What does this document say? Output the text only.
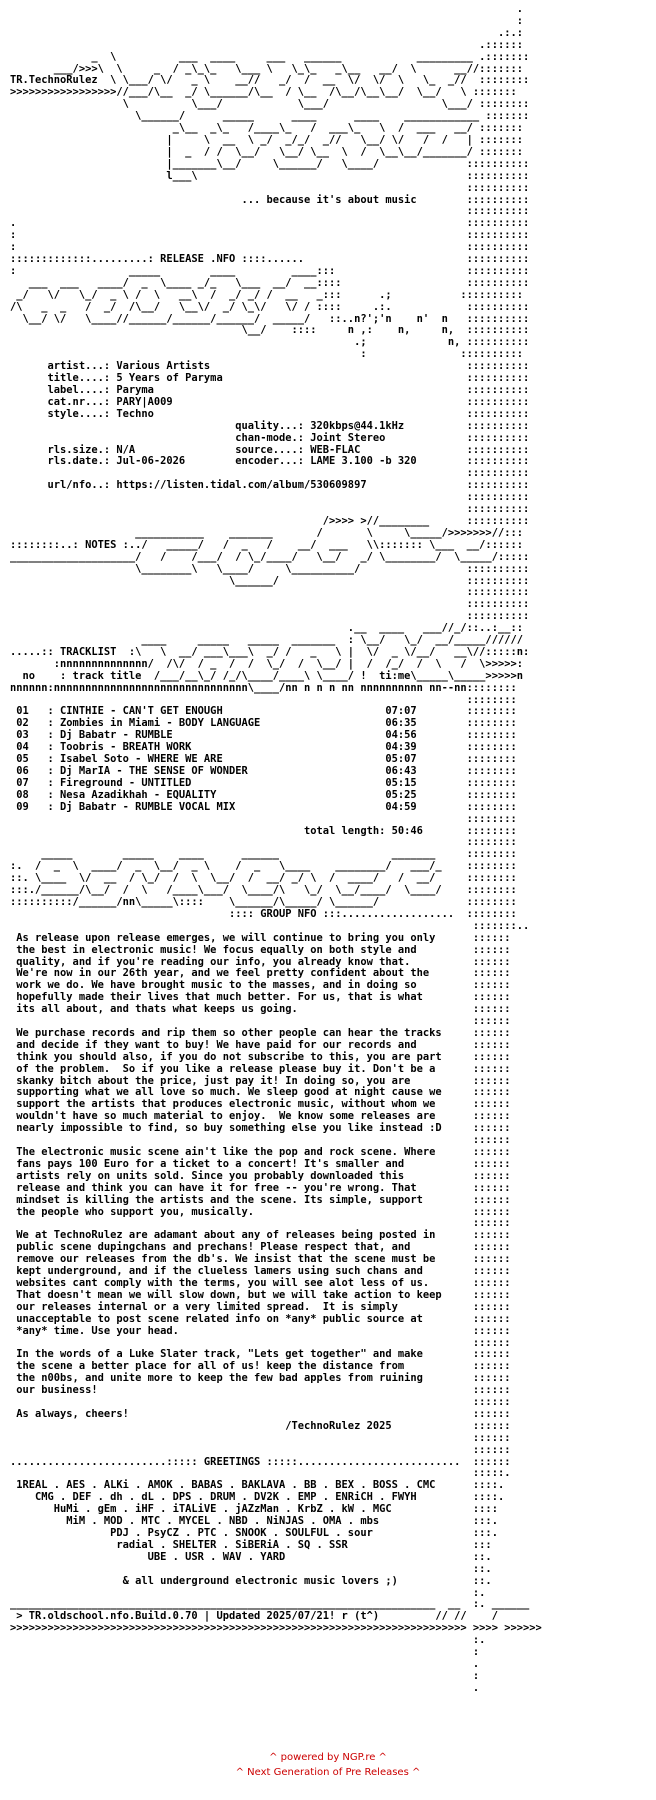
.
:
.:.:
.::::::
_  \          ___  ____     ___   ______            _________ .:::::::
___/>>>\  \     _  / _\_\_   \___ \   \_\_   _\__   __/  \      __//:::::::
TR.TechnoRulez  \ \___/ \/   _ \    __//   _/  /  __  \/  \/  \   \_  _//  ::::::::
>>>>>>>>>>>>>>>>>//___/\__  _/ \______/\__  / \__  /\__/\__\__/  \__/   \ :::::::
\          \___/            \___/                  \___/ ::::::::
\______/      _____      ____      ____    ____________ :::::::
_\__  _\_   /____\_   /  ___\_   \  /  ___   __/ :::::::
|     \  __  \ _/  _/_/  _//   \__/ \/   /  /   | :::::::
|  _  / /  \__/   \__/ \__  \  /  \__\__/_______/ :::::::
|_______\__/     \______/   \____/              ::::::::::
l___\                                           ::::::::::
::::::::::
... because it's about music        ::::::::::
::::::::::
.                                                                        ::::::::::
:                                                                        ::::::::::
:                                                                        ::::::::::
:::::::::::::.........: RELEASE .NFO ::::......                          ::::::::::
:                  _____        ____         ____:::                     ::::::::::
___  ___   ____/  _  \____ _/_   \___  __/  __::::                    ::::::::::
_/   \/   \_/  _ \ /  \   __\  /  _/ _/ /  __   _:::      .;           ::::::::::
/\   _  _   /  _/  /\__/   \__\/  _/ \_\/   \/ / ::::     .:.            ::::::::::
\__/ \/   \____//______/______/______/  _____/   ::..n?';'n    n'  n   ::::::::::
\__/    ::::     n ,:    n,     n,  ::::::::::
.;             n, ::::::::::
:               ::::::::::
artist...: Various Artists                                         ::::::::::
title....: 5 Years of Paryma                                       ::::::::::
label....: Paryma                                                  ::::::::::
cat.nr...: PARY|A009                                               ::::::::::
style....: Techno                                                  ::::::::::
quality...: 320kbps@44.1kHz          ::::::::::
chan-mode.: Joint Stereo             ::::::::::
rls.size.: N/A                source....: WEB-FLAC                 ::::::::::
rls.date.: Jul-06-2026        encoder...: LAME 3.100 -b 320        ::::::::::
::::::::::
url/nfo..: https://listen.tidal.com/album/530609897                ::::::::::
::::::::::
::::::::::
/>>>> >//________      ::::::::::
___________    _______       /       \     \_____/>>>>>>>//:::
::::::::..: NOTES :../   _____/   /  _   /    __/  ___   \\::::::: \___  __/::::::
____________________/   /    /___/  / \_/____/   \__/   _/ \________/  \_____/:::::
\________\   \____/     \__________/                 ::::::::::
\______/                              ::::::::::
::::::::::
::::::::::
::::::::::
.__  ____   ___//_/::..:__::
____     _____   _____  _______  : \__/   \_/  __/_____//////
.....:: TRACKLIST  :\   \  __/ ___\___\  _/ /   _   \ |  \/  _ \/__/   __\//:::::n:
:nnnnnnnnnnnnnn/  /\/  / _  /  /  \_/  /  \__/ |  /  /_/  /  \   /  \>>>>>:
no    : track title  /___/__\_/ /_/\____/____\ \____/ !  ti:me\_____\_____>>>>>n
nnnnnn:nnnnnnnnnnnnnnnnnnnnnnnnnnnnnnn\____/nn n n n nn nnnnnnnnnn nn--nn::::::::
::::::::
01   : CINTHIE - CAN'T GET ENOUGH                          07:07        ::::::::
02   : Zombies in Miami - BODY LANGUAGE                    06:35        ::::::::
03   : Dj Babatr - RUMBLE                                  04:56        ::::::::
04   : Toobris - BREATH WORK                               04:39        ::::::::
05   : Isabel Soto - WHERE WE ARE                          05:07        ::::::::
06   : Dj MarIA - THE SENSE OF WONDER                      06:43        ::::::::
07   : Fireground - UNTITLED                               05:15        ::::::::
08   : Nesa Azadikhah - EQUALITY                           05:25        ::::::::
09   : Dj Babatr - RUMBLE VOCAL MIX                        04:59        ::::::::
::::::::
total length: 50:46       ::::::::
::::::::
_____        _____    ____      ______                  _______     ::::::::
:.  /  _  \  ____/  _  \__/  _ \    /  _   \____    ________/   ___/_    ::::::::
::. \____  \/  __  / \_/  /  \  \__/  /  __/ _/ \  /  ____/   /  __/     ::::::::
:::./______/\__/  /  \   /____\___/  \____/\   \_/  \__/____/  \____/    ::::::::
::::::::::/______/nn\_____\::::    \______/\_____/ \______/              ::::::::
:::: GROUP NFO :::..................  ::::::::
:::::::..
As release upon release emerges, we will continue to bring you only      ::::::
the best in electronic music! We focus equally on both style and         ::::::
quality, and if you're reading our info, you already know that.          ::::::
We're now in our 26th year, and we feel pretty confident about the       ::::::
work we do. We have brought music to the masses, and in doing so         ::::::
hopefully made their lives that much better. For us, that is what        ::::::
its all about, and thats what keeps us going.                            ::::::
::::::
We purchase records and rip them so other people can hear the tracks     ::::::
and decide if they want to buy! We have paid for our records and         ::::::
think you should also, if you do not subscribe to this, you are part     ::::::
of the problem.  So if you like a release please buy it. Don't be a      ::::::
skanky bitch about the price, just pay it! In doing so, you are          ::::::
supporting what we all love so much. We sleep good at night cause we     ::::::
support the artists that produces electronic music, without whom we      ::::::
wouldn't have so much material to enjoy.  We know some releases are      ::::::
nearly impossible to find, so buy something else you like instead :D     ::::::
::::::
The electronic music scene ain't like the pop and rock scene. Where      ::::::
fans pays 100 Euro for a ticket to a concert! It's smaller and           ::::::
artists rely on units sold. Since you probably downloaded this           ::::::
release and think you can have it for free -- you're wrong. That         ::::::
mindset is killing the artists and the scene. Its simple, support        ::::::
the people who support you, musically.                                   ::::::
::::::
We at TechnoRulez are adamant about any of releases being posted in      ::::::
public scene dupingchans and prechans! Please respect that, and          ::::::
remove our releases from the db's. We insist that the scene must be      ::::::
kept underground, and if the clueless lamers using such chans and        ::::::
websites cant comply with the terms, you will see alot less of us.       ::::::
That doesn't mean we will slow down, but we will take action to keep     ::::::
our releases internal or a very limited spread.  It is simply            ::::::
unacceptable to post scene related info on *any* public source at        ::::::
*any* time. Use your head.                                               ::::::
::::::
In the words of a Luke Slater track, "Lets get together" and make        ::::::
the scene a better place for all of us! keep the distance from           ::::::
the n00bs, and unite more to keep the few bad apples from ruining        ::::::
our business!                                                            ::::::
::::::
As always, cheers!                                                       ::::::
/TechnoRulez 2025             ::::::
::::::
::::::
.........................::::: GREETINGS :::::..........................  ::::::
:::::.
1REAL . AES . ALKi . AMOK . BABAS . BAKLAVA . BB . BEX . BOSS . CMC      ::::.
CMG . DEF . dh . dL . DPS . DRUM . DV2K . EMP . ENRiCH . FWYH         ::::.
HuMi . gEm . iHF . iTALiVE . jAZzMan . KrbZ . kW . MGC             ::::
MiM . MOD . MTC . MYCEL . NBD . NiNJAS . OMA . mbs               :::.
PDJ . PsyCZ . PTC . SNOOK . SOULFUL . sour                :::.
radial . SHELTER . SiBERiA . SQ . SSR                    :::
UBE . USR . WAV . YARD                              ::.
::.
& all underground electronic music lovers ;)            ::.
:.
____________________________________________________________________  __  :. ______
> TR.oldschool.nfo.Build.0.70 | Updated 2025/07/21! r (t^)         // //    /
>>>>>>>>>>>>>>>>>>>>>>>>>>>>>>>>>>>>>>>>>>>>>>>>>>>>>>>>>>>>>>>>>>>>>>>>> >>>> >>>>>>
:.
:
.
:
.
^ powered by NGP.re ^
^ Next Generation of Pre Releases ^
